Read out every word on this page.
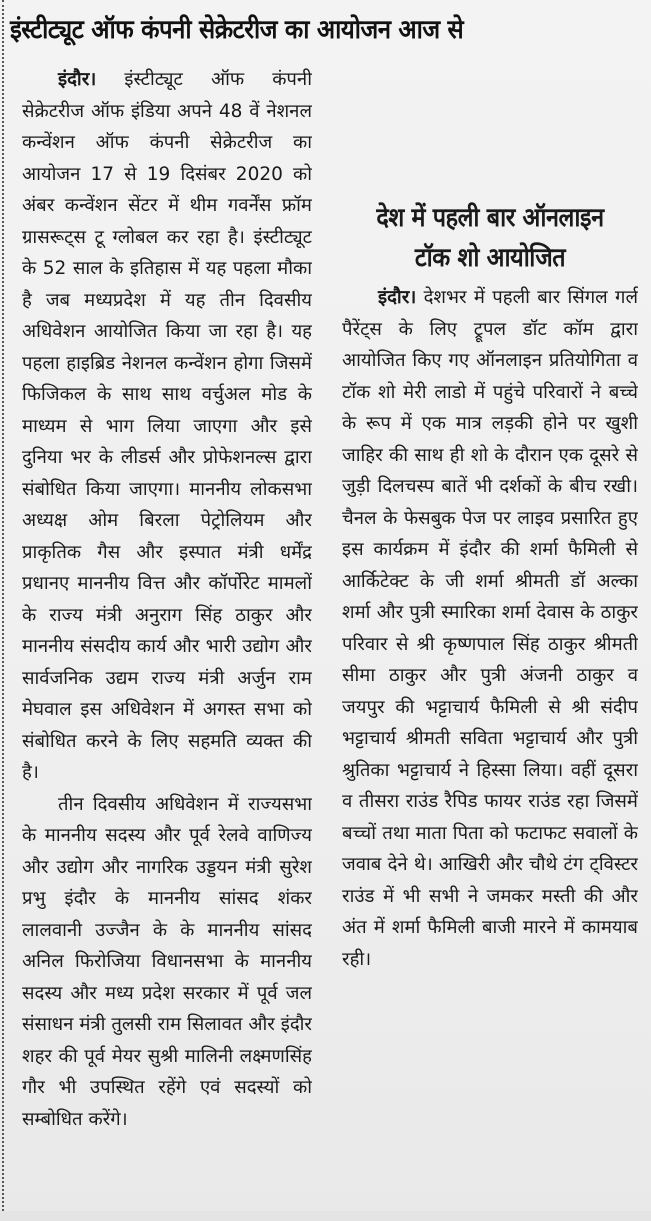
इंस्टीट्यूट ऑफ कंपनी सेक्रेटरीज का आयोजन आज से

इंदौर। इंस्टीट्यूट ऑफ कंपनी सेक्रेटरीज ऑफ इंडिया अपने 48 वें नेशनल कन्वेंशन ऑफ कंपनी सेक्रेटरीज का आयोजन 17 से 19 दिसंबर 2020 को अंबर कन्वेंशन सेंटर में थीम गवर्नेंस फ्रॉम ग्रासरूट्स टू ग्लोबल कर रहा है। इंस्टीट्यूट के 52 साल के इतिहास में यह पहला मौका है जब मध्यप्रदेश में यह तीन दिवसीय अधिवेशन आयोजित किया जा रहा है। यह पहला हाइब्रिड नेशनल कन्वेंशन होगा जिसमें फिजिकल के साथ साथ वर्चुअल मोड के माध्यम से भाग लिया जाएगा और इसे दुनिया भर के लीडर्स और प्रोफेशनल्स द्वारा संबोधित किया जाएगा। माननीय लोकसभा अध्यक्ष ओम बिरला पेट्रोलियम और प्राकृतिक गैस और इस्पात मंत्री धर्मेंद्र प्रधानए माननीय वित्त और कॉर्पोरेट मामलों के राज्य मंत्री अनुराग सिंह ठाकुर और माननीय संसदीय कार्य और भारी उद्योग और सार्वजनिक उद्यम राज्य मंत्री अर्जुन राम मेघवाल इस अधिवेशन में अगस्त सभा को संबोधित करने के लिए सहमति व्यक्त की है।

तीन दिवसीय अधिवेशन में राज्यसभा के माननीय सदस्य और पूर्व रेलवे वाणिज्य और उद्योग और नागरिक उड्डयन मंत्री सुरेश प्रभु इंदौर के माननीय सांसद शंकर लालवानी उज्जैन के के माननीय सांसद अनिल फिरोजिया विधानसभा के माननीय सदस्य और मध्य प्रदेश सरकार में पूर्व जल संसाधन मंत्री तुलसी राम सिलावत और इंदौर शहर की पूर्व मेयर सुश्री मालिनी लक्ष्मणसिंह गौर भी उपस्थित रहेंगे एवं सदस्यों को सम्बोधित करेंगे।

देश में पहली बार ऑनलाइन टॉक शो आयोजित

इंदौर। देशभर में पहली बार सिंगल गर्ल पैरेंट्स के लिए ट्रूपल डॉट कॉम द्वारा आयोजित किए गए ऑनलाइन प्रतियोगिता व टॉक शो मेरी लाडो में पहुंचे परिवारों ने बच्चे के रूप में एक मात्र लड़की होने पर खुशी जाहिर की साथ ही शो के दौरान एक दूसरे से जुड़ी दिलचस्प बातें भी दर्शकों के बीच रखी। चैनल के फेसबुक पेज पर लाइव प्रसारित हुए इस कार्यक्रम में इंदौर की शर्मा फैमिली से आर्किटेक्ट के जी शर्मा श्रीमती डॉ अल्का शर्मा और पुत्री स्मारिका शर्मा देवास के ठाकुर परिवार से श्री कृष्णपाल सिंह ठाकुर श्रीमती सीमा ठाकुर और पुत्री अंजनी ठाकुर व जयपुर की भट्टाचार्य फैमिली से श्री संदीप भट्टाचार्य श्रीमती सविता भट्टाचार्य और पुत्री श्रुतिका भट्टाचार्य ने हिस्सा लिया। वहीं दूसरा व तीसरा राउंड रैपिड फायर राउंड रहा जिसमें बच्चों तथा माता पिता को फटाफट सवालों के जवाब देने थे। आखिरी और चौथे टंग ट्विस्टर राउंड में भी सभी ने जमकर मस्ती की और अंत में शर्मा फैमिली बाजी मारने में कामयाब रही।
